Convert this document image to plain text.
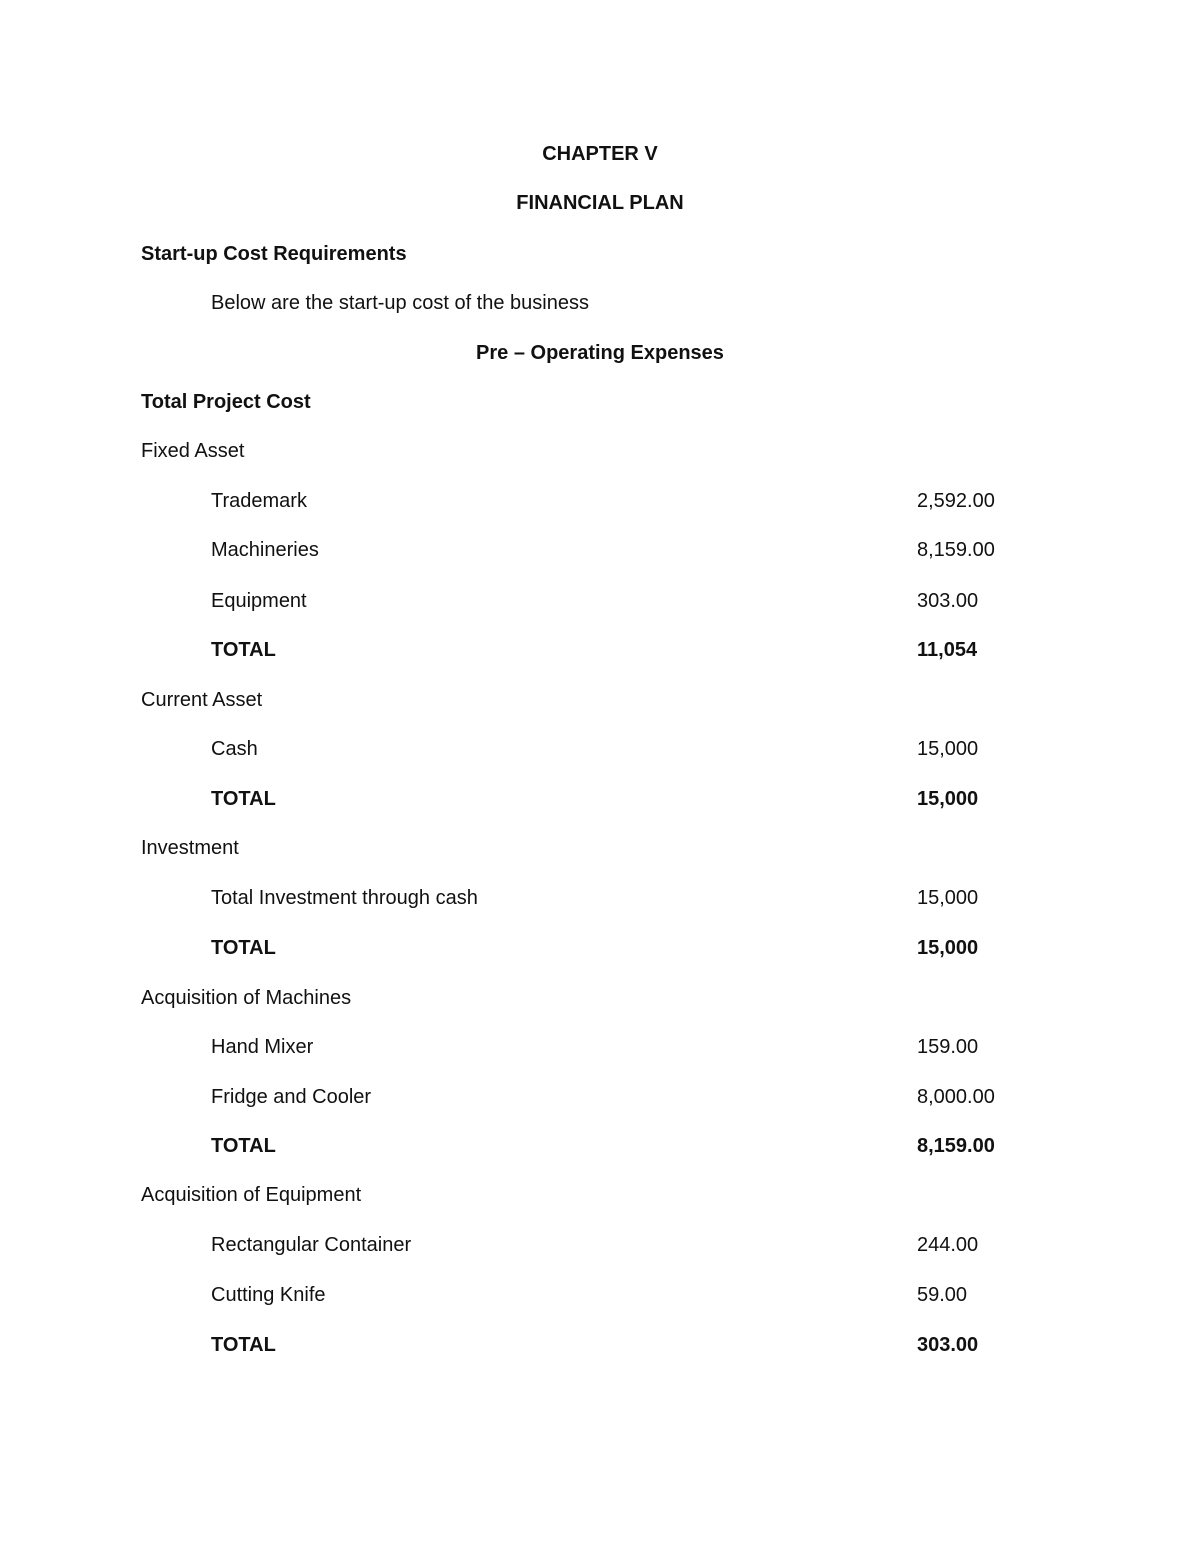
CHAPTER V
FINANCIAL PLAN
Start-up Cost Requirements
Below are the start-up cost of the business
Pre – Operating Expenses
Total Project Cost
Fixed Asset
Trademark	2,592.00
Machineries	8,159.00
Equipment	303.00
TOTAL	11,054
Current Asset
Cash	15,000
TOTAL	15,000
Investment
Total Investment through cash	15,000
TOTAL	15,000
Acquisition of Machines
Hand Mixer	159.00
Fridge and Cooler	8,000.00
TOTAL	8,159.00
Acquisition of Equipment
Rectangular Container	244.00
Cutting Knife	59.00
TOTAL	303.00
